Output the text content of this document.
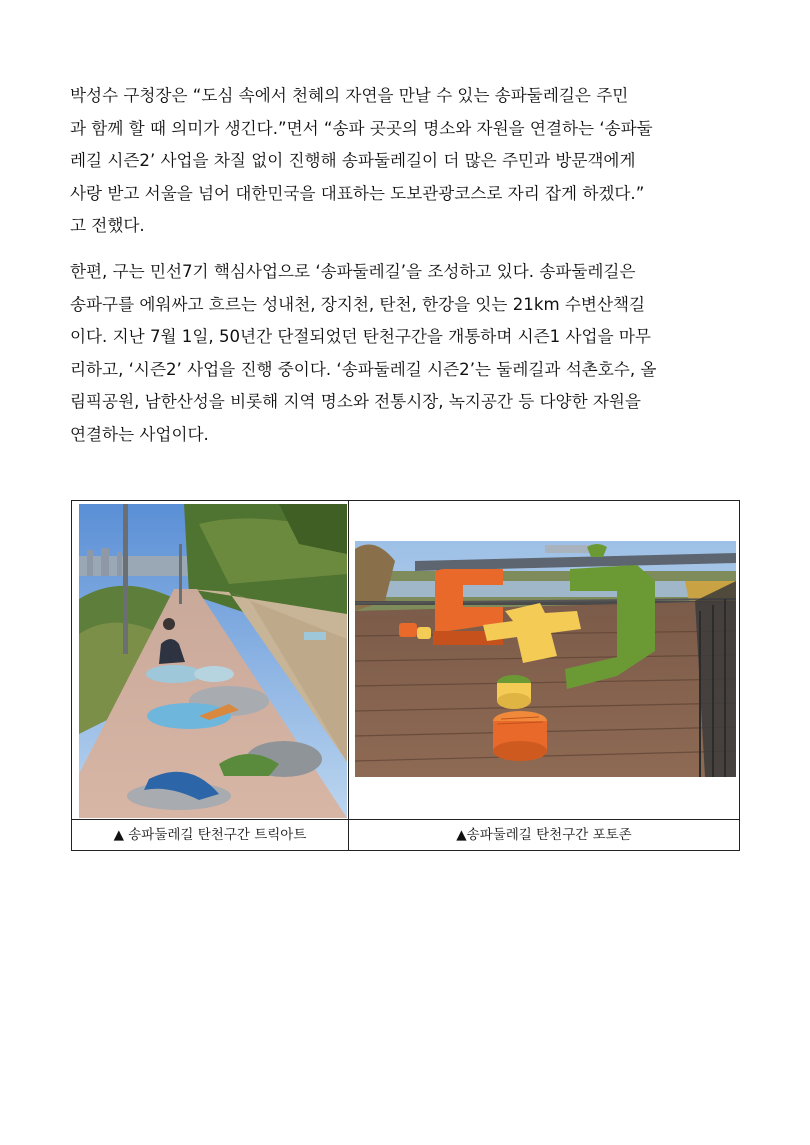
박성수 구청장은 “도심 속에서 천혜의 자연을 만날 수 있는 송파둘레길은 주민
과 함께 할 때 의미가 생긴다.”면서 “송파 곳곳의 명소와 자원을 연결하는 ‘송파둘
레길 시즌2’ 사업을 차질 없이 진행해 송파둘레길이 더 많은 주민과 방문객에게
사랑 받고 서울을 넘어 대한민국을 대표하는 도보관광코스로 자리 잡게 하겠다.”
고 전했다.

한편, 구는 민선7기 핵심사업으로 ‘송파둘레길’을 조성하고 있다. 송파둘레길은
송파구를 에워싸고 흐르는 성내천, 장지천, 탄천, 한강을 잇는 21km 수변산책길
이다. 지난 7월 1일, 50년간 단절되었던 탄천구간을 개통하며 시즌1 사업을 마무
리하고, ‘시즌2’ 사업을 진행 중이다. ‘송파둘레길 시즌2’는 둘레길과 석촌호수, 올
림픽공원, 남한산성을 비롯해 지역 명소와 전통시장, 녹지공간 등 다양한 자원을
연결하는 사업이다.

▲ 송파둘레길 탄천구간 트릭아트	▲송파둘레길 탄천구간 포토존
